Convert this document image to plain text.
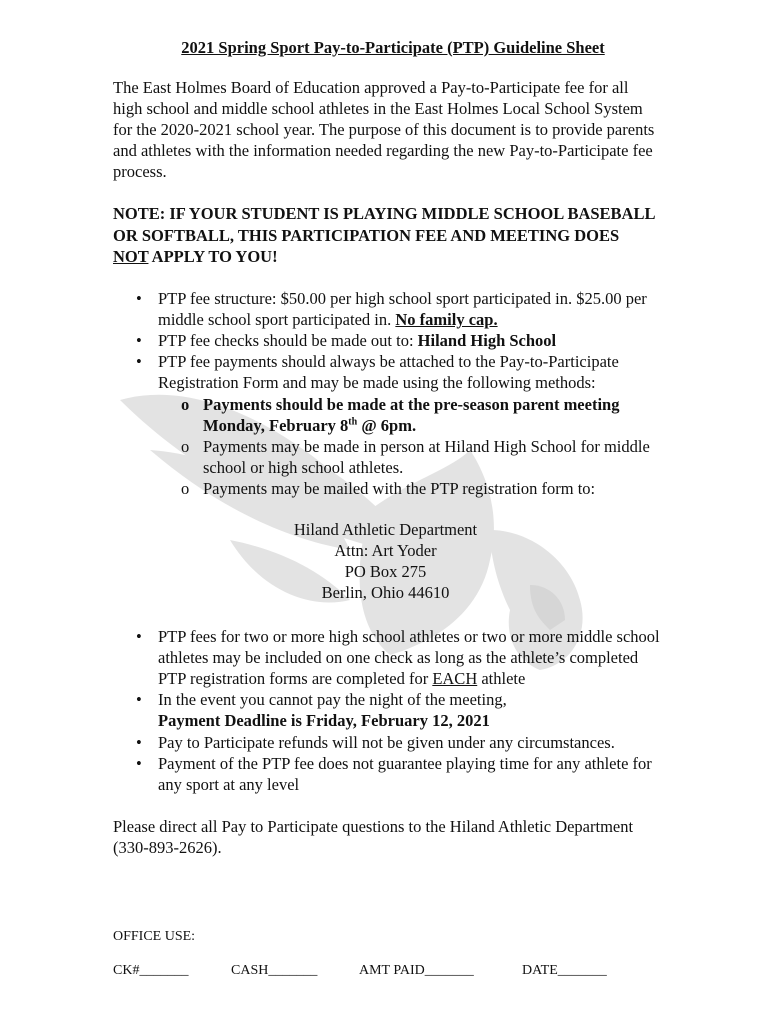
2021 Spring Sport Pay-to-Participate (PTP) Guideline Sheet
The East Holmes Board of Education approved a Pay-to-Participate fee for all high school and middle school athletes in the East Holmes Local School System for the 2020-2021 school year. The purpose of this document is to provide parents and athletes with the information needed regarding the new Pay-to-Participate fee process.
NOTE: IF YOUR STUDENT IS PLAYING MIDDLE SCHOOL BASEBALL OR SOFTBALL, THIS PARTICIPATION FEE AND MEETING DOES NOT APPLY TO YOU!
• PTP fee structure: $50.00 per high school sport participated in. $25.00 per middle school sport participated in. No family cap.
• PTP fee checks should be made out to: Hiland High School
• PTP fee payments should always be attached to the Pay-to-Participate Registration Form and may be made using the following methods:
o Payments should be made at the pre-season parent meeting Monday, February 8th @ 6pm.
o Payments may be made in person at Hiland High School for middle school or high school athletes.
o Payments may be mailed with the PTP registration form to:
Hiland Athletic Department
Attn: Art Yoder
PO Box 275
Berlin, Ohio 44610
• PTP fees for two or more high school athletes or two or more middle school athletes may be included on one check as long as the athlete’s completed PTP registration forms are completed for EACH athlete
• In the event you cannot pay the night of the meeting,
Payment Deadline is Friday, February 12, 2021
• Pay to Participate refunds will not be given under any circumstances.
• Payment of the PTP fee does not guarantee playing time for any athlete for any sport at any level
Please direct all Pay to Participate questions to the Hiland Athletic Department (330-893-2626).
OFFICE USE:
CK#_______	CASH_______	AMT PAID_______	DATE_______
